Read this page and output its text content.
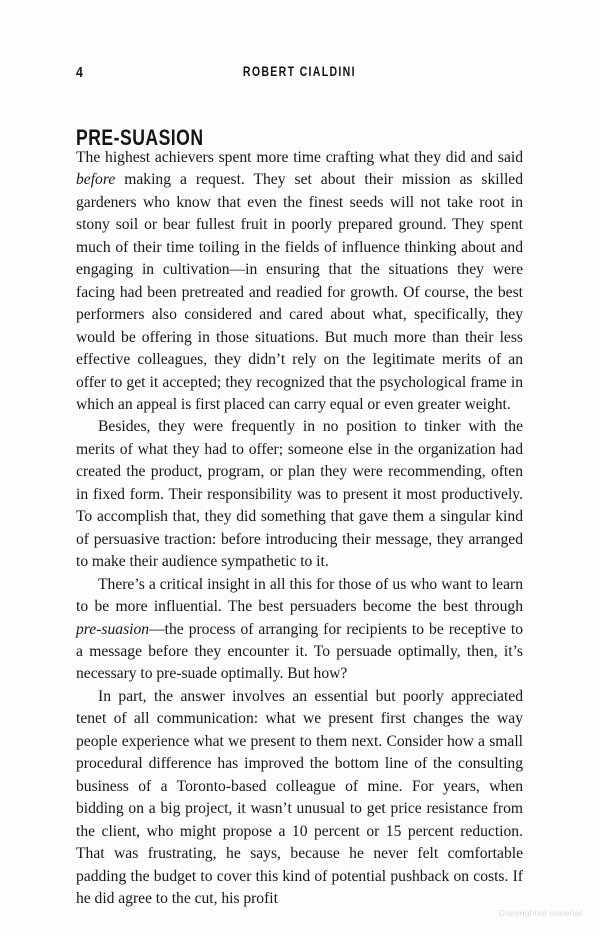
4	ROBERT CIALDINI
PRE-SUASION

The highest achievers spent more time crafting what they did and said before making a request. They set about their mission as skilled gardeners who know that even the finest seeds will not take root in stony soil or bear fullest fruit in poorly prepared ground. They spent much of their time toiling in the fields of influence thinking about and engaging in cultivation—in ensuring that the situations they were facing had been pretreated and readied for growth. Of course, the best performers also considered and cared about what, specifically, they would be offering in those situations. But much more than their less effective colleagues, they didn’t rely on the legitimate merits of an offer to get it accepted; they recognized that the psychological frame in which an appeal is first placed can carry equal or even greater weight.

Besides, they were frequently in no position to tinker with the merits of what they had to offer; someone else in the organization had created the product, program, or plan they were recommending, often in fixed form. Their responsibility was to present it most productively. To accomplish that, they did something that gave them a singular kind of persuasive traction: before introducing their message, they arranged to make their audience sympathetic to it.

There’s a critical insight in all this for those of us who want to learn to be more influential. The best persuaders become the best through pre-suasion—the process of arranging for recipients to be receptive to a message before they encounter it. To persuade optimally, then, it’s necessary to pre-suade optimally. But how?

In part, the answer involves an essential but poorly appreciated tenet of all communication: what we present first changes the way people experience what we present to them next. Consider how a small procedural difference has improved the bottom line of the consulting business of a Toronto-based colleague of mine. For years, when bidding on a big project, it wasn’t unusual to get price resistance from the client, who might propose a 10 percent or 15 percent reduction. That was frustrating, he says, because he never felt comfortable padding the budget to cover this kind of potential pushback on costs. If he did agree to the cut, his profit

Copyrighted material
